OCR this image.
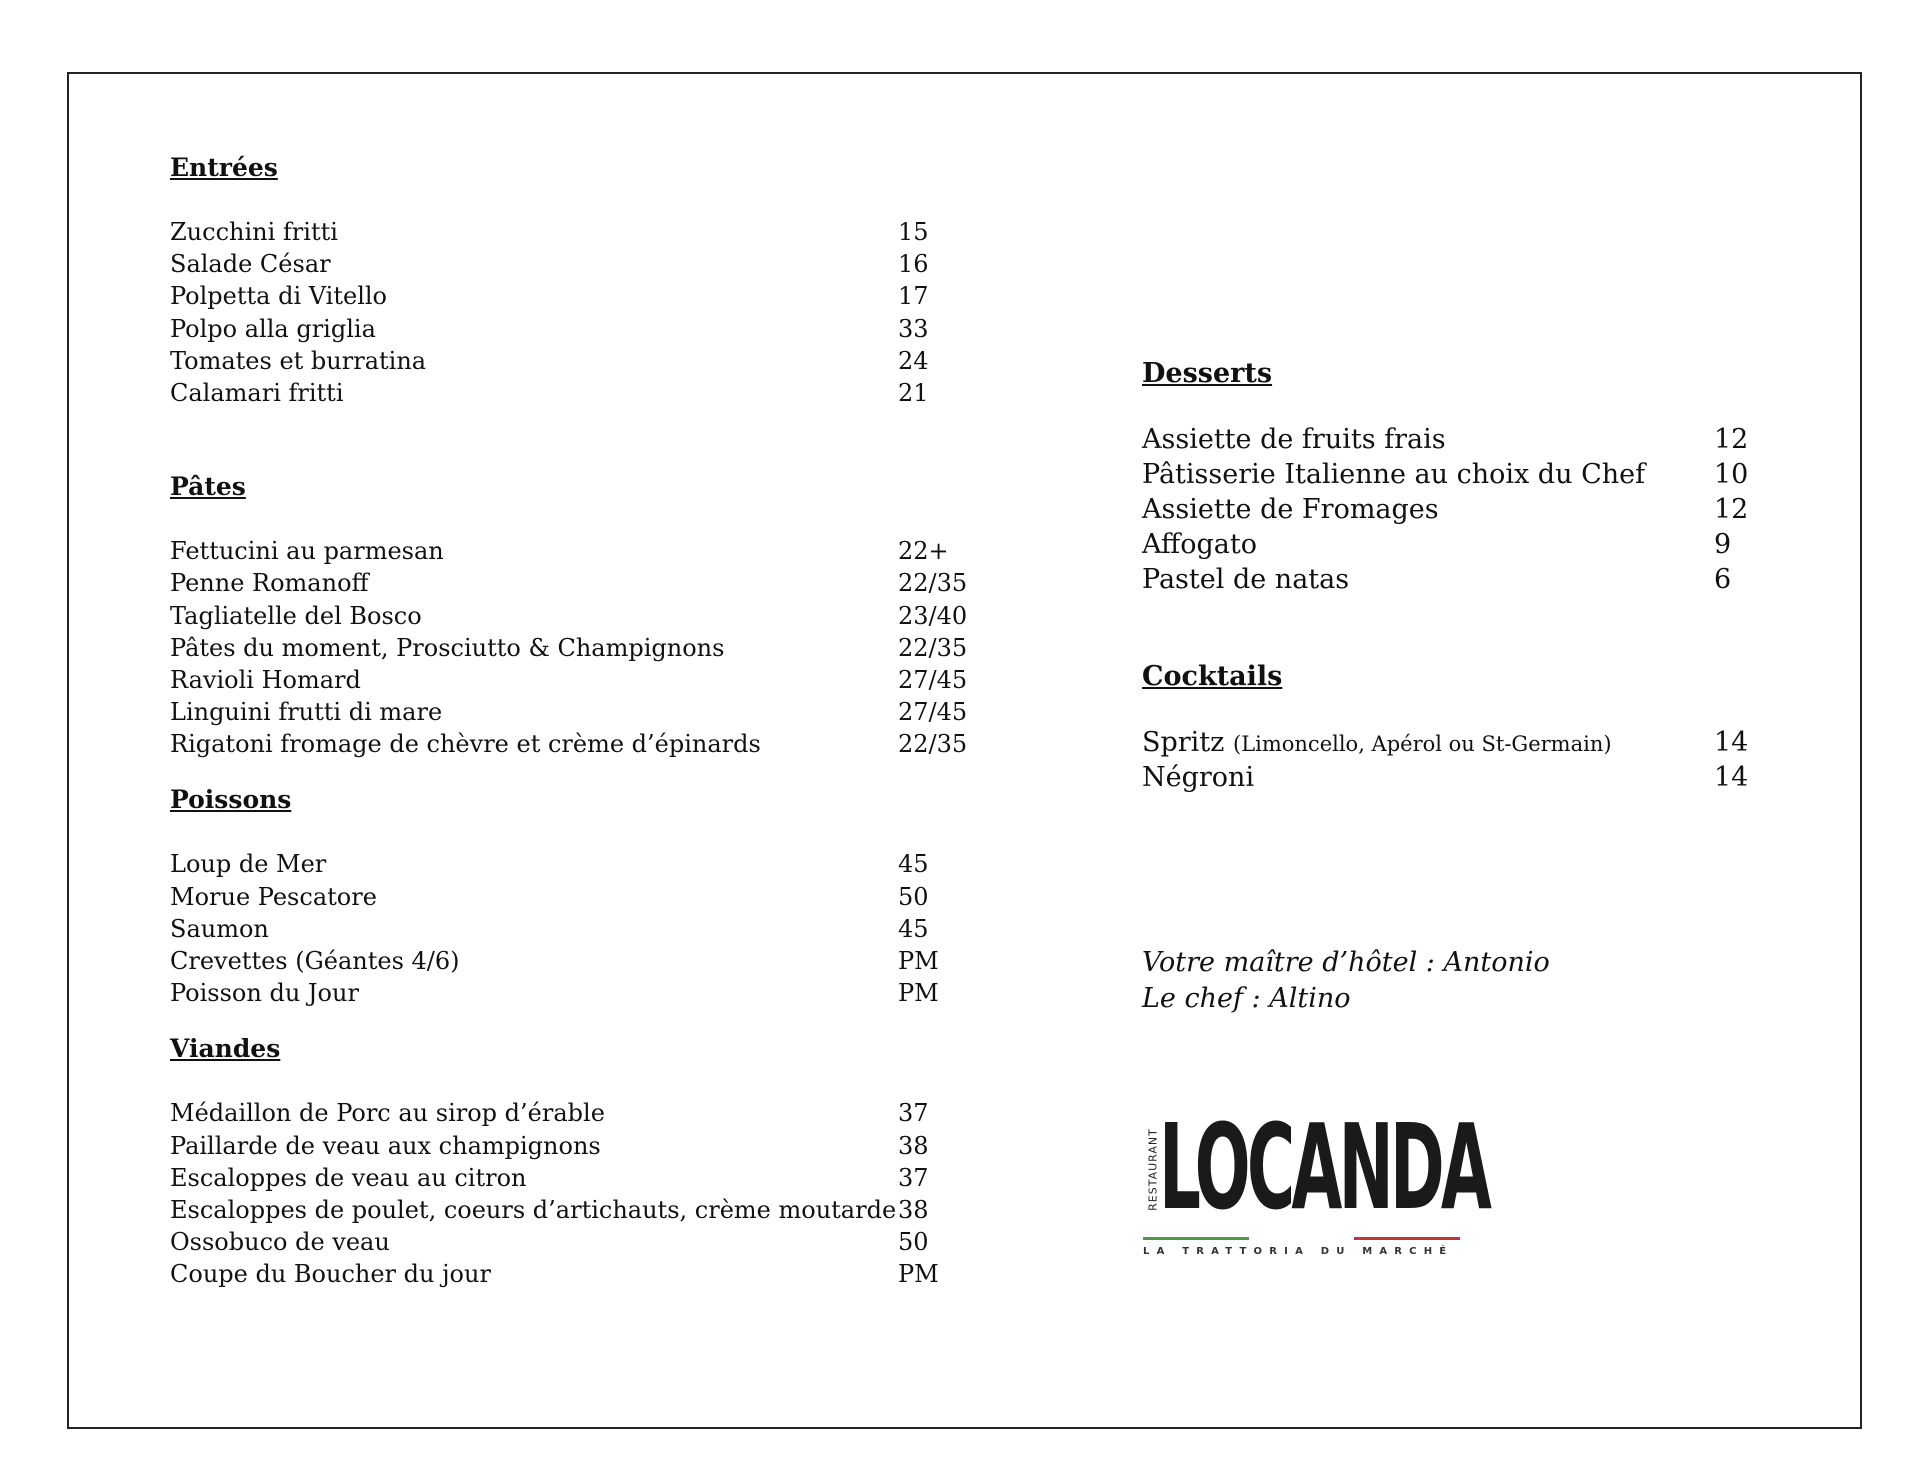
Entrées
Zucchini fritti	15
Salade César	16
Polpetta di Vitello	17
Polpo alla griglia	33
Tomates et burratina	24
Calamari fritti	21
Pâtes
Fettucini au parmesan	22+
Penne Romanoff	22/35
Tagliatelle del Bosco	23/40
Pâtes du moment, Prosciutto & Champignons	22/35
Ravioli Homard	27/45
Linguini frutti di mare	27/45
Rigatoni fromage de chèvre et crème d’épinards	22/35
Poissons
Loup de Mer	45
Morue Pescatore	50
Saumon	45
Crevettes (Géantes 4/6)	PM
Poisson du Jour	PM
Viandes
Médaillon de Porc au sirop d’érable	37
Paillarde de veau aux champignons	38
Escaloppes de veau au citron	37
Escaloppes de poulet, coeurs d’artichauts, crème moutarde 38
Ossobuco de veau	50
Coupe du Boucher du jour	PM
Desserts
Assiette de fruits frais	12
Pâtisserie Italienne au choix du Chef	10
Assiette de Fromages	12
Affogato	9
Pastel de natas	6
Cocktails
Spritz (Limoncello, Apérol ou St-Germain)	14
Négroni	14
Votre maître d’hôtel : Antonio
Le chef : Altino
RESTAURANT LOCANDA
LA TRATTORIA DU MARCHÉ
